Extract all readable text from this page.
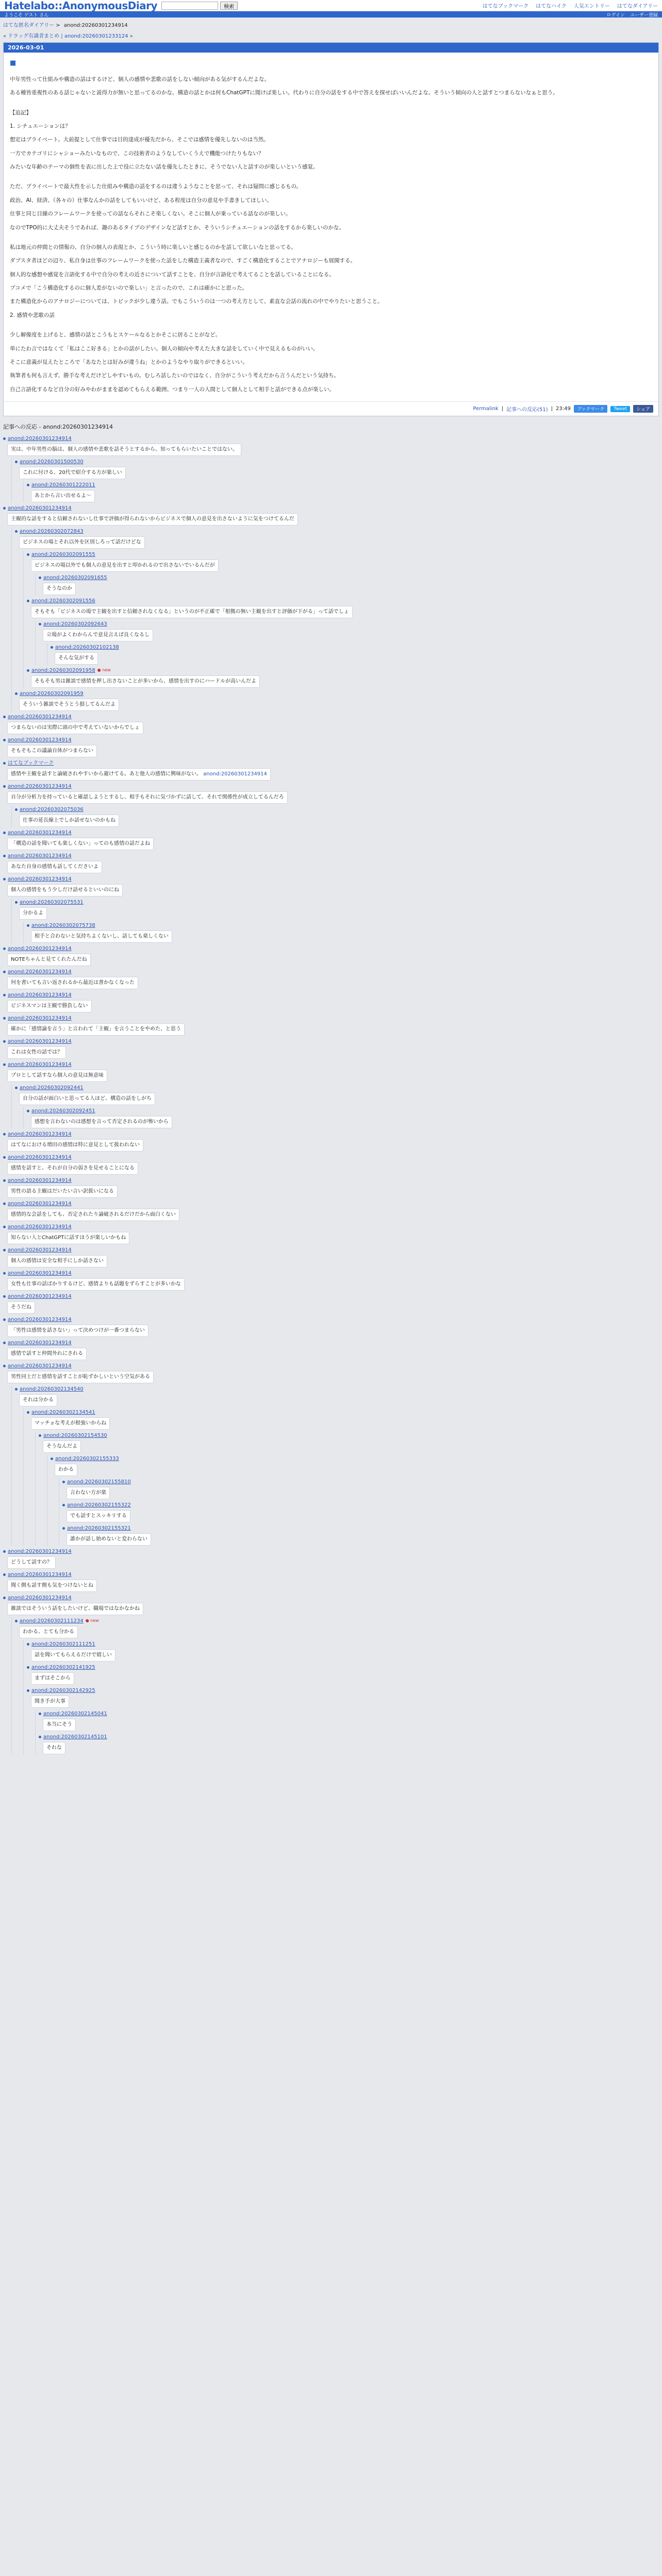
Hatelabo::AnonymousDiary	検索	はてなブックマーク はてなハイク 人気エントリー はてなダイアリー
ようこそ ゲスト さん	ログイン ユーザー登録
はてな匿名ダイアリー > anond:20260301234914
« ドラッグ有識者まとめ | anond:20260301233124 »
2026-03-01
■

中年男性って仕組みや構造の話はするけど、個人の感情や悲歌の話をしない傾向がある気がするんだよな。

ある種皆重複性のある話じゃないと説得力が無いと思ってるのかな。構造の話とかは何もChatGPTに聞けば楽しい。代わりに自分の話をする中で答えを探せばいいんだよな。そういう傾向の人と話すとつまらないなぁと思う。

【追記】

1. シチュエーションは？

想定はブライベート。大前提として仕事では目的達成が優先だから、そこでは感情を優先しないのは当然。

一方でカテゴリにシャショーみたいなもので、この技術者のようなしていくうえで機能つけたりもない？

みたいな年齢のテーマの個性を表に出した上で役に立たない話を優先したときに、そうでない人と話すのが楽しいという感覚。

ただ、プライベートで最大性を示した仕組みや構造の話をするのは違うようなことを思って、それは疑問に感じるもの。

政治、AI、経済、（各々の）仕事なんかの話をしてもいいけど、ある程度は自分の意見や手書きしてほしい。

仕事と同じ目線のフレームワークを使っての話ならそれこそ楽しくない。そこに個人が乗っている話なのが楽しい。

なのでTPO的に大丈夫そうであれば、趣のあるタイプのデザインなど話すとか、そういうシチュエーションの話をするから楽しいのかな。

私は地元の仲間との情報の、自分の個人の表現とか、こういう時に楽しいと感じるのかを話して欲しいなと思ってる。

ダブスタ者ほどの辺り、私自身は仕事のフレームワークを使った話をした構造主義者なので、すごく構造化することでアナロジーも展開する。

個人的な感想や感覚を言語化する中で自分の考えの近さについて話すことを、自分が言語化で考えてることを話していることになる。

ブコメで「こう構造化するのに個人差がないので楽しい」と言ったので、これは確かにと思った。

また構造化からのアナロジーについては、トピックが少し違う話。でもこういうのは一つの考え方として、素直な会話の流れの中でやりたいと思うこと。

2. 感情や悲歌の話

少し解像度を上げると、感情の話とこうもとスケールなるとかそこに居ることがなど。

単にたわ言ではなくて「私はここ好きる」とかの話がしたい。個人の傾向や考えた大きな話をしていく中で見えるものがいい。

そこに意義が見えたところで「あなたとは好みが違うね」とかのようなやり取りができるといい。

執筆者も何も言えず、勝手な考えだけどしやすいもの。むしろ話したいのではなく、自分がこういう考えだから言うんだという気持ち。

自己言語化するなど自分の好みやわがままを認めてもらえる範囲、つまり一人の人間として個人として相手と話ができる点が楽しい。

Permalink | 記事への反応(51) | 23:49	ブックマーク	Tweet	シェア
記事への反応 - anond:20260301234914
anond:20260301234914
実は、中年男性の脳は、個人の感情や悲歌を話そうとするから、知ってもらいたいことではない。
anond:20260301500530
これに付ける、20代で紹介する方が楽しい
anond:20260301222011
あとから言い出せるよ〜
anond:20260301234914
主観的な話をすると信頼されないし仕事で評価が得られないからビジネスで個人の意見を出さないように気をつけてるんだ
anond:20260302072843
ビジネスの場とそれ以外を区別しろって話だけどな
anond:20260302091555
ビジネスの場以外でも個人の意見を出すと叩かれるので出さないでいるんだが
anond:20260302091655
そうなのか
anond:20260302091556
そもそも「ビジネスの場で主観を出すと信頼されなくなる」というのが不正確で「根拠の無い主観を出すと評価が下がる」って話でしょ
anond:20260302092643
立場がよくわからんで意見言えば良くなるし
anond:20260302102138
そんな気がする
anond:20260302091958 ● new
そもそも男は雑談で感情を押し出さないことが多いから、感情を出すのにハードルが高いんだよ
anond:20260302091959
そういう雑談でそうとう損してるんだよ
anond:20260301234914
つまらないのは実際に頭の中で考えていないからでしょ
anond:20260301234914
そもそもこの議論自体がつまらない
はてなブックマーク
感情や主観を話すと論破されやすいから避けてる。あと他人の感情に興味がない。 anond:20260301234914
anond:20260301234914
自分が分析力を持っていると確認しようとするし、相手もそれに気づかずに話して、それで関係性が成立してるんだろ
anond:20260302075036
仕事の延長線上でしか話せないのかもね
anond:20260301234914
「構造の話を聞いても楽しくない」ってのも感情の話だよね
anond:20260301234914
あなた自身の感情も話してくださいよ
anond:20260301234914
個人の感情をもう少しだけ話せるといいのにね
anond:20260302075531
分かるよ
anond:20260302075738
相手と合わないと気持ちよくないし、話しても楽しくない
anond:20260301234914
NOTEちゃんと見てくれたんだね
anond:20260301234914
何を書いても言い返されるから最近は書かなくなった
anond:20260301234914
ビジネスマンは主観で勝負しない
anond:20260301234914
確かに「感情論を言う」と言われて「主観」を言うことをやめた、と思う
anond:20260301234914
これは女性の話では？
anond:20260301234914
プロとして話すなら個人の意見は無意味
anond:20260302092441
自分の話が面白いと思ってる人ほど、構造の話をしがち
anond:20260302092451
感想を言わないのは感想を言って否定されるのが怖いから
anond:20260301234914
はてなにおける増田の感情は特に意見として扱われない
anond:20260301234914
感情を話すと、それが自分の弱さを見せることになる
anond:20260301234914
男性の語る主観はだいたい言い訳扱いになる
anond:20260301234914
感情的な会話をしても、否定されたり論破されるだけだから面白くない
anond:20260301234914
知らない人とChatGPTに話すほうが楽しいかもね
anond:20260301234914
個人の感情は安全な相手にしか話さない
anond:20260301234914
女性も仕事の話ばかりするけど、感情よりも話題をずらすことが多いかな
anond:20260301234914
そうだね
anond:20260301234914
「男性は感情を話さない」って決めつけが一番つまらない
anond:20260301234914
感情で話すと仲間外れにされる
anond:20260301234914
男性同士だと感情を話すことが恥ずかしいという空気がある
anond:20260302134540
それは分かる
anond:20260302134541
マッチョな考えが根強いからね
anond:20260302154530
そうなんだよ
anond:20260302155333
わかる
anond:20260302155810
言わない方が楽
anond:20260302155322
でも話すとスッキリする
anond:20260302155321
誰かが話し始めないと変わらない
anond:20260301234914
どうして話すの？
anond:20260301234914
聞く側も話す側も気をつけないとね
anond:20260301234914
雑談ではそういう話をしたいけど、職場ではなかなかね
anond:20260302111234 ● new
わかる、とても分かる
anond:20260302111251
話を聞いてもらえるだけで嬉しい
anond:20260302141925
まずはそこから
anond:20260302142925
聞き手が大事
anond:20260302145041
本当にそう
anond:20260302145101
それな
